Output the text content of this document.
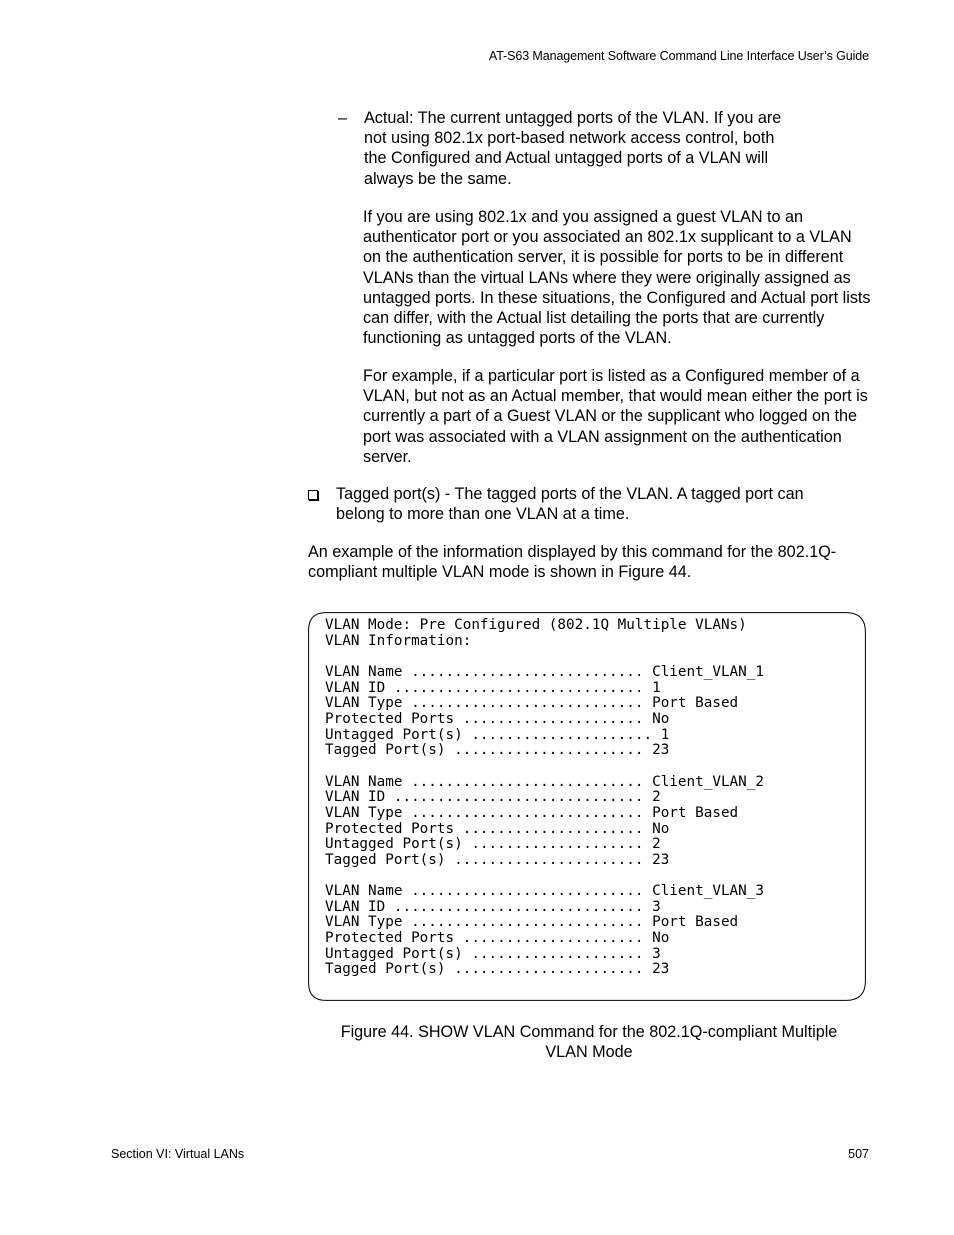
AT-S63 Management Software Command Line Interface User’s Guide
– Actual: The current untagged ports of the VLAN. If you are not using 802.1x port-based network access control, both the Configured and Actual untagged ports of a VLAN will always be the same.
If you are using 802.1x and you assigned a guest VLAN to an authenticator port or you associated an 802.1x supplicant to a VLAN on the authentication server, it is possible for ports to be in different VLANs than the virtual LANs where they were originally assigned as untagged ports. In these situations, the Configured and Actual port lists can differ, with the Actual list detailing the ports that are currently functioning as untagged ports of the VLAN.
For example, if a particular port is listed as a Configured member of a VLAN, but not as an Actual member, that would mean either the port is currently a part of a Guest VLAN or the supplicant who logged on the port was associated with a VLAN assignment on the authentication server.
Tagged port(s) - The tagged ports of the VLAN. A tagged port can belong to more than one VLAN at a time.
An example of the information displayed by this command for the 802.1Q-compliant multiple VLAN mode is shown in Figure 44.
VLAN Mode: Pre Configured (802.1Q Multiple VLANs)
VLAN Information:

VLAN Name ........................... Client_VLAN_1
VLAN ID ............................. 1
VLAN Type ........................... Port Based
Protected Ports ..................... No
Untagged Port(s) ..................... 1
Tagged Port(s) ...................... 23

VLAN Name ........................... Client_VLAN_2
VLAN ID ............................. 2
VLAN Type ........................... Port Based
Protected Ports ..................... No
Untagged Port(s) .................... 2
Tagged Port(s) ...................... 23

VLAN Name ........................... Client_VLAN_3
VLAN ID ............................. 3
VLAN Type ........................... Port Based
Protected Ports ..................... No
Untagged Port(s) .................... 3
Tagged Port(s) ...................... 23
Figure 44. SHOW VLAN Command for the 802.1Q-compliant Multiple
VLAN Mode
Section VI: Virtual LANs	507
